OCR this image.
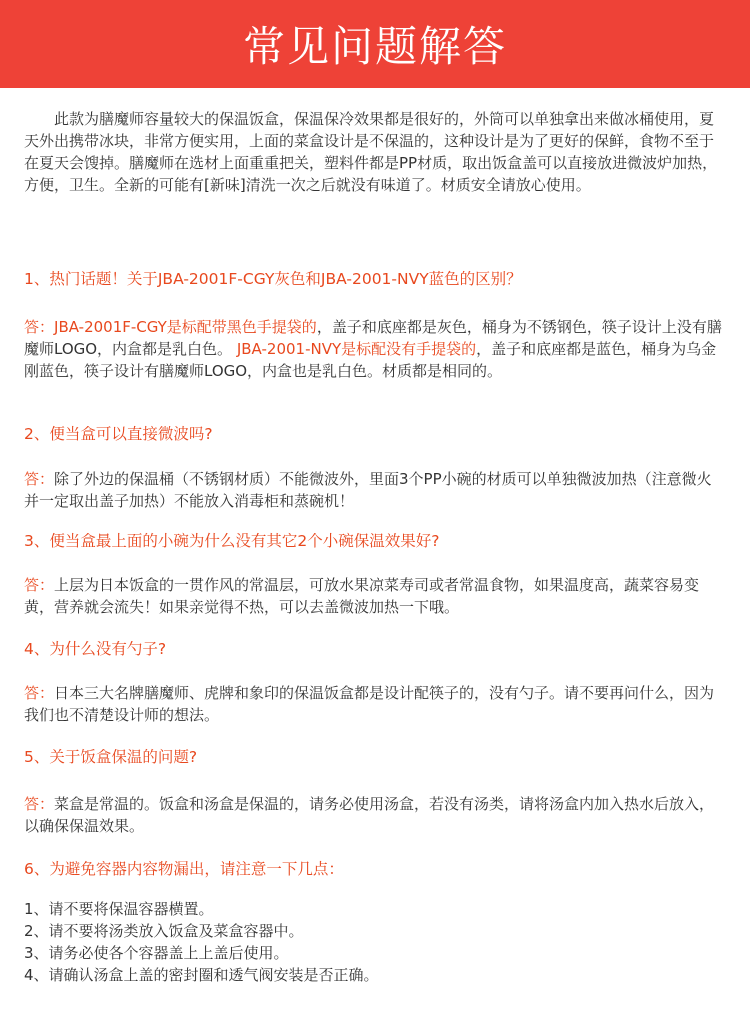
常见问题解答
此款为膳魔师容量较大的保温饭盒，保温保冷效果都是很好的，外筒可以单独拿出来做冰桶使用，夏天外出携带冰块，非常方便实用，上面的菜盒设计是不保温的，这种设计是为了更好的保鲜，食物不至于在夏天会馊掉。膳魔师在选材上面重重把关，塑料件都是PP材质，取出饭盒盖可以直接放进微波炉加热，方便，卫生。全新的可能有[新味]清洗一次之后就没有味道了。材质安全请放心使用。
1、热门话题！关于JBA-2001F-CGY灰色和JBA-2001-NVY蓝色的区别？
答：JBA-2001F-CGY是标配带黑色手提袋的，盖子和底座都是灰色，桶身为不锈钢色，筷子设计上没有膳魔师LOGO，内盒都是乳白色。 JBA-2001-NVY是标配没有手提袋的，盖子和底座都是蓝色，桶身为乌金刚蓝色，筷子设计有膳魔师LOGO，内盒也是乳白色。材质都是相同的。
2、便当盒可以直接微波吗?
答：除了外边的保温桶（不锈钢材质）不能微波外，里面3个PP小碗的材质可以单独微波加热（注意微火并一定取出盖子加热）不能放入消毒柜和蒸碗机！
3、便当盒最上面的小碗为什么没有其它2个小碗保温效果好?
答：上层为日本饭盒的一贯作风的常温层，可放水果凉菜寿司或者常温食物，如果温度高，蔬菜容易变黄，营养就会流失！如果亲觉得不热，可以去盖微波加热一下哦。
4、为什么没有勺子?
答：日本三大名牌膳魔师、虎牌和象印的保温饭盒都是设计配筷子的，没有勺子。请不要再问什么，因为我们也不清楚设计师的想法。
5、关于饭盒保温的问题?
答：菜盒是常温的。饭盒和汤盒是保温的，请务必使用汤盒，若没有汤类，请将汤盒内加入热水后放入，以确保保温效果。
6、为避免容器内容物漏出，请注意一下几点：
1、请不要将保温容器横置。
2、请不要将汤类放入饭盒及菜盒容器中。
3、请务必使各个容器盖上上盖后使用。
4、请确认汤盒上盖的密封圈和透气阀安装是否正确。
